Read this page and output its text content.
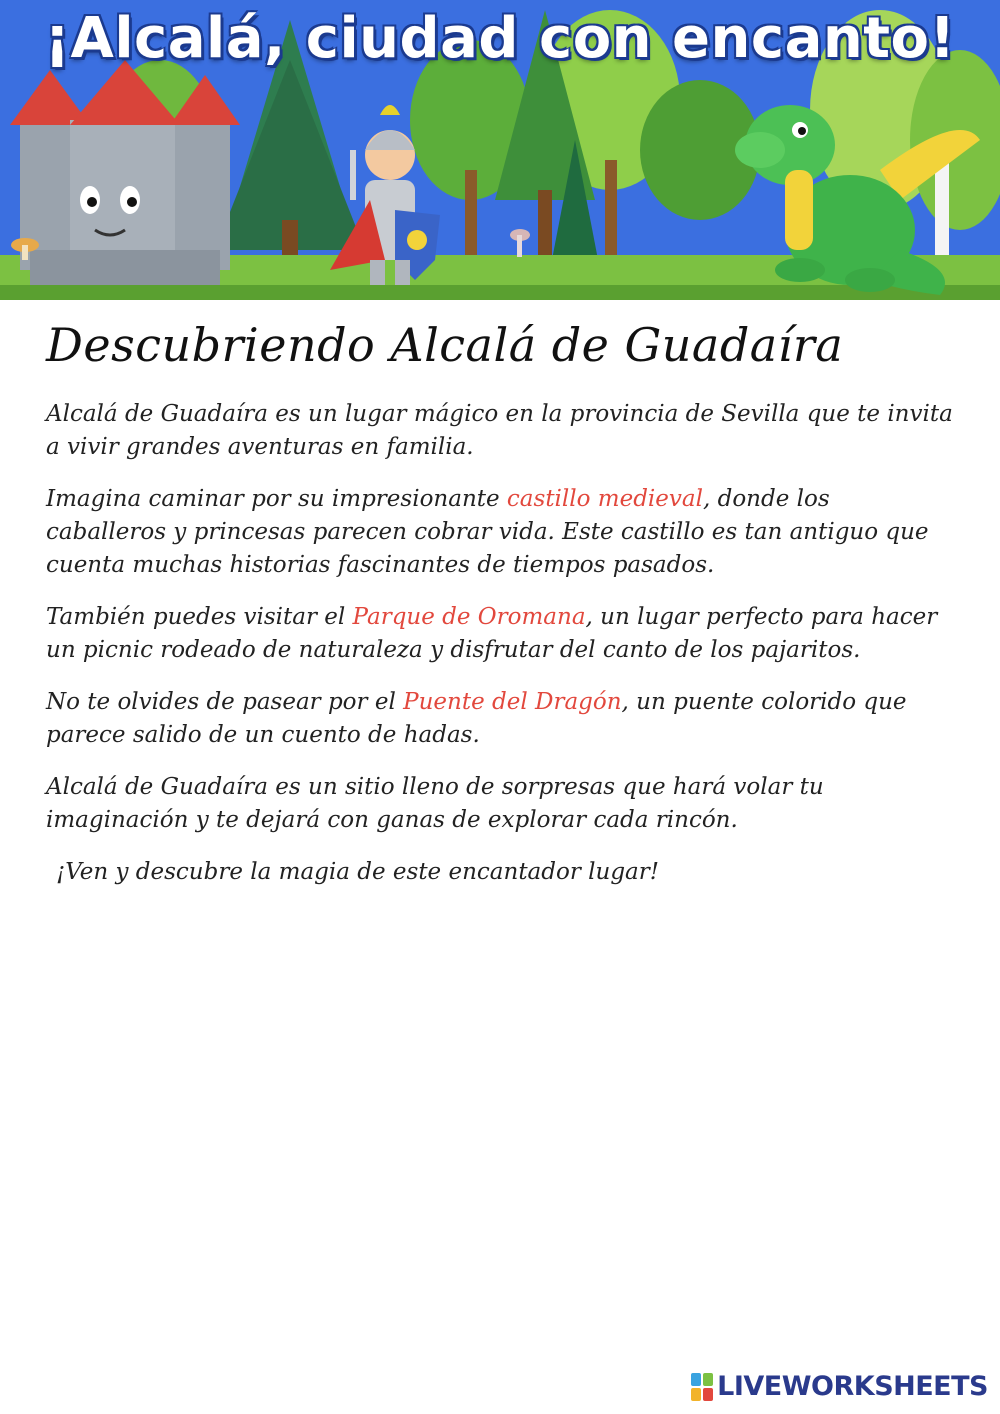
¡Alcalá, ciudad con encanto!
Descubriendo Alcalá de Guadaíra

Alcalá de Guadaíra es un lugar mágico en la provincia de Sevilla que te invita a vivir grandes aventuras en familia.

Imagina caminar por su impresionante castillo medieval, donde los caballeros y princesas parecen cobrar vida. Este castillo es tan antiguo que cuenta muchas historias fascinantes de tiempos pasados.

También puedes visitar el Parque de Oromana, un lugar perfecto para hacer un picnic rodeado de naturaleza y disfrutar del canto de los pajaritos.

No te olvides de pasear por el Puente del Dragón, un puente colorido que parece salido de un cuento de hadas.

Alcalá de Guadaíra es un sitio lleno de sorpresas que hará volar tu imaginación y te dejará con ganas de explorar cada rincón.

¡Ven y descubre la magia de este encantador lugar!

LIVEWORKSHEETS
